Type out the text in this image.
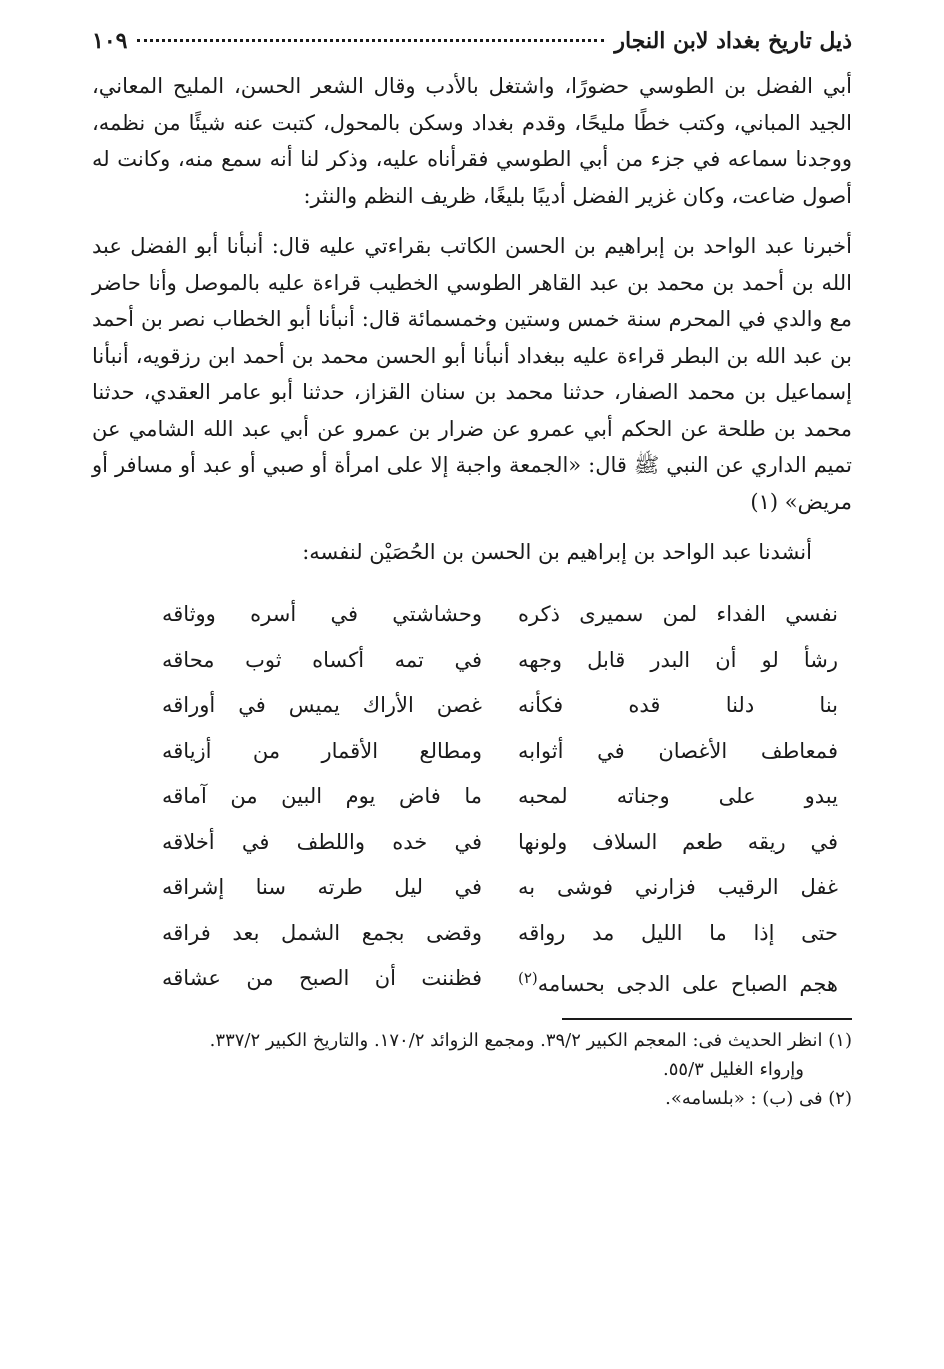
ذيل تاريخ بغداد لابن النجار
١٠٩

أبي الفضل بن الطوسي حضورًا، واشتغل بالأدب وقال الشعر الحسن، المليح المعاني، الجيد المباني، وكتب خطًا مليحًا، وقدم بغداد وسكن بالمحول، كتبت عنه شيئًا من نظمه، ووجدنا سماعه في جزء من أبي الطوسي فقرأناه عليه، وذكر لنا أنه سمع منه، وكانت له أصول ضاعت، وكان غزير الفضل أديبًا بليغًا، ظريف النظم والنثر:

أخبرنا عبد الواحد بن إبراهيم بن الحسن الكاتب بقراءتي عليه قال: أنبأنا أبو الفضل عبد الله بن أحمد بن محمد بن عبد القاهر الطوسي الخطيب قراءة عليه بالموصل وأنا حاضر مع والدي في المحرم سنة خمس وستين وخمسمائة قال: أنبأنا أبو الخطاب نصر بن أحمد بن عبد الله بن البطر قراءة عليه ببغداد أنبأنا أبو الحسن محمد بن أحمد ابن رزقويه، أنبأنا إسماعيل بن محمد الصفار، حدثنا محمد بن سنان القزاز، حدثنا أبو عامر العقدي، حدثنا محمد بن طلحة عن الحكم أبي عمرو عن ضرار بن عمرو عن أبي عبد الله الشامي عن تميم الداري عن النبي ﷺ قال: «الجمعة واجبة إلا على امرأة أو صبي أو عبد أو مسافر أو مريض» (١)

أنشدنا عبد الواحد بن إبراهيم بن الحسن بن الحُصَيْن لنفسه:

نفسي الفداء لمن سميرى ذكره
وحشاشتي في أسره ووثاقه
رشأ لو أن البدر قابل وجهه
في تمه أكساه ثوب محاقه
بنا دلنا قده فكأنه
غصن الأراك يميس في أوراقه
فمعاطف الأغصان في أثوابه
ومطالع الأقمار من أزياقه
يبدو على وجناته لمحبه
ما فاض يوم البين من آماقه
في ريقه طعم السلاف ولونها
في خده واللطف في أخلاقه
غفل الرقيب فزارني فوشى به
في ليل طرته سنا إشراقه
حتى إذا ما الليل مد رواقه
وقضى بجمع الشمل بعد فراقه
هجم الصباح على الدجى بحسامه$^{(٢)}$
فظننت أن الصبح من عشاقه

(١) انظر الحديث فى: المعجم الكبير ٣٩/٢. ومجمع الزوائد ١٧٠/٢. والتاريخ الكبير ٣٣٧/٢.

وإرواء الغليل ٥٥/٣.

(٢) فى (ب) : «بلسامه».
